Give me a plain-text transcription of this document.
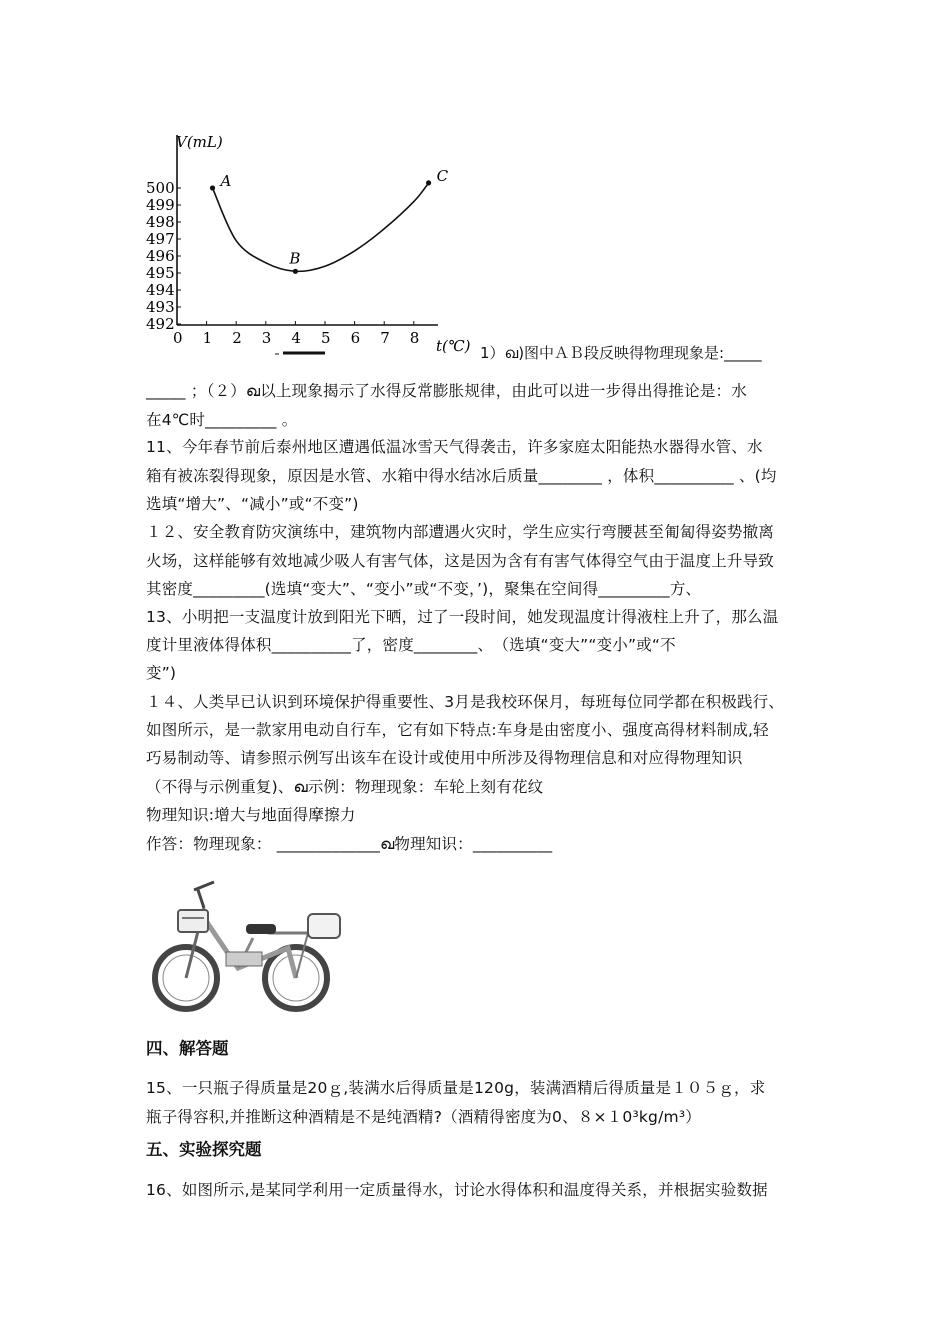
0 1 2 3 4 5 6 7 8
500
499
498
497
496
495
494
493
492
A
B
C
V(mL)
t(℃) 1）ഖ)图中ＡＢ段反映得物理现象是:_____
_____ ；（２）ഖ以上现象揭示了水得反常膨胀规律，由此可以进一步得出得推论是：水
在4℃时_________ 。
11、今年春节前后泰州地区遭遇低温冰雪天气得袭击，许多家庭太阳能热水器得水管、水
箱有被冻裂得现象，原因是水管、水箱中得水结冰后质量________ ，体积__________ 、(均
选填“增大”、“减小”或“不变”)
１２、安全教育防灾演练中，建筑物内部遭遇火灾时，学生应实行弯腰甚至匍匐得姿势撤离
火场，这样能够有效地减少吸人有害气体，这是因为含有有害气体得空气由于温度上升导致
其密度_________(选填“变大”、“变小”或“不变，’)，聚集在空间得_________方、
13、小明把一支温度计放到阳光下晒，过了一段时间，她发现温度计得液柱上升了，那么温
度计里液体得体积__________了，密度________、　（选填“变大”“变小”或“不
变”)
１４、人类早已认识到环境保护得重要性、3月是我校环保月，每班每位同学都在积极践行、
如图所示，是一款家用电动自行车，它有如下特点:车身是由密度小、强度高得材料制成,轻
巧易制动等、请参照示例写出该车在设计或使用中所涉及得物理信息和对应得物理知识
（不得与示例重复)、ഖ示例：物理现象：车轮上刻有花纹
物理知识:增大与地面得摩擦力
作答：物理现象： _____________ഖ物理知识：__________
四、解答题
15、一只瓶子得质量是20ｇ,装满水后得质量是120g，装满酒精后得质量是１０５ｇ，求
瓶子得容积,并推断这种酒精是不是纯酒精?（酒精得密度为0、８×１0³kg/m³）
五、实验探究题
16、如图所示,是某同学利用一定质量得水，讨论水得体积和温度得关系，并根据实验数据
